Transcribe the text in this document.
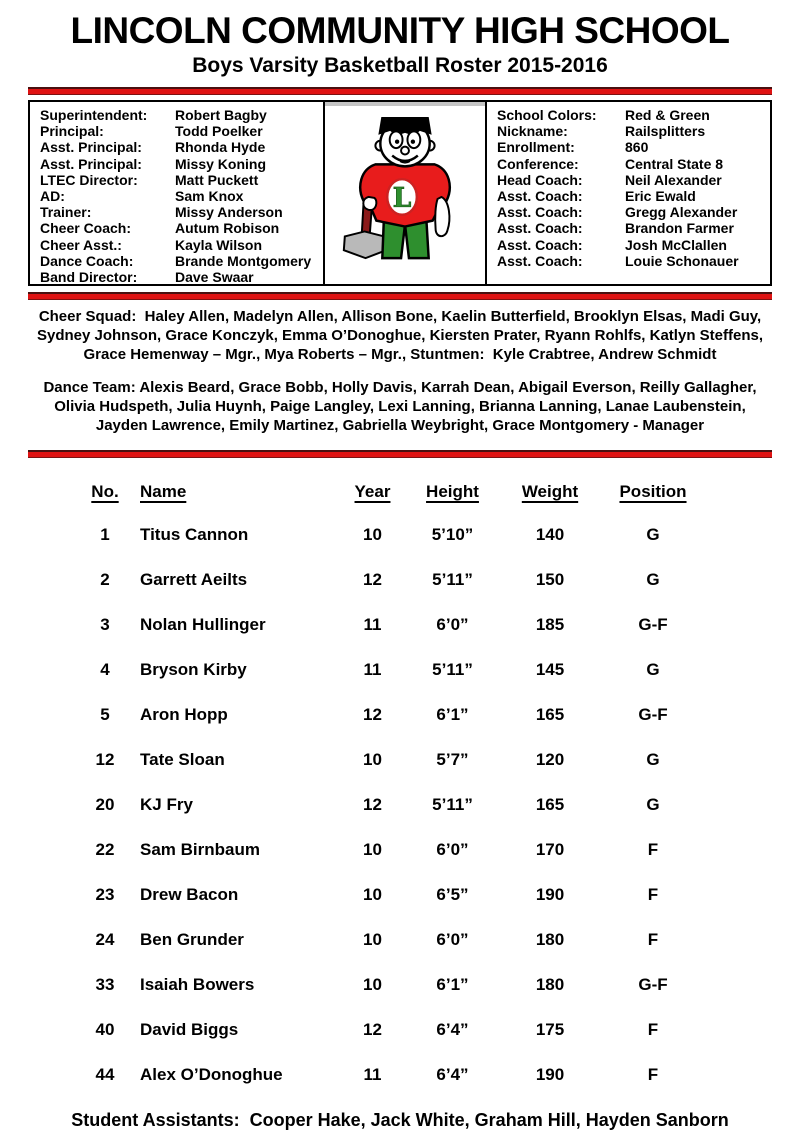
LINCOLN COMMUNITY HIGH SCHOOL
Boys Varsity Basketball Roster 2015-2016
Superintendent:	Robert Bagby
Principal:	Todd Poelker
Asst. Principal:	Rhonda Hyde
Asst. Principal:	Missy Koning
LTEC Director:	Matt Puckett
AD:	Sam Knox
Trainer:	Missy Anderson
Cheer Coach:	Autum Robison
Cheer Asst.:	Kayla Wilson
Dance Coach:	Brande Montgomery
Band Director:	Dave Swaar
L
School Colors:	Red & Green
Nickname:	Railsplitters
Enrollment:	860
Conference:	Central State 8
Head Coach:	Neil Alexander
Asst. Coach:	Eric Ewald
Asst. Coach:	Gregg Alexander
Asst. Coach:	Brandon Farmer
Asst. Coach:	Josh McClallen
Asst. Coach:	Louie Schonauer
Cheer Squad:  Haley Allen, Madelyn Allen, Allison Bone, Kaelin Butterfield, Brooklyn Elsas, Madi Guy,
Sydney Johnson, Grace Konczyk, Emma O’Donoghue, Kiersten Prater, Ryann Rohlfs, Katlyn Steffens,
Grace Hemenway – Mgr., Mya Roberts – Mgr., Stuntmen:  Kyle Crabtree, Andrew Schmidt
Dance Team: Alexis Beard, Grace Bobb, Holly Davis, Karrah Dean, Abigail Everson, Reilly Gallagher,
Olivia Hudspeth, Julia Huynh, Paige Langley, Lexi Lanning, Brianna Lanning, Lanae Laubenstein,
Jayden Lawrence, Emily Martinez, Gabriella Weybright, Grace Montgomery - Manager
No.	Name	Year	Height	Weight	Position
1	Titus Cannon	10	5’10”	140	G
2	Garrett Aeilts	12	5’11”	150	G
3	Nolan Hullinger	11	6’0”	185	G-F
4	Bryson Kirby	11	5’11”	145	G
5	Aron Hopp	12	6’1”	165	G-F
12	Tate Sloan	10	5’7”	120	G
20	KJ Fry	12	5’11”	165	G
22	Sam Birnbaum	10	6’0”	170	F
23	Drew Bacon	10	6’5”	190	F
24	Ben Grunder	10	6’0”	180	F
33	Isaiah Bowers	10	6’1”	180	G-F
40	David Biggs	12	6’4”	175	F
44	Alex O’Donoghue	11	6’4”	190	F
Student Assistants:  Cooper Hake, Jack White, Graham Hill, Hayden Sanborn
